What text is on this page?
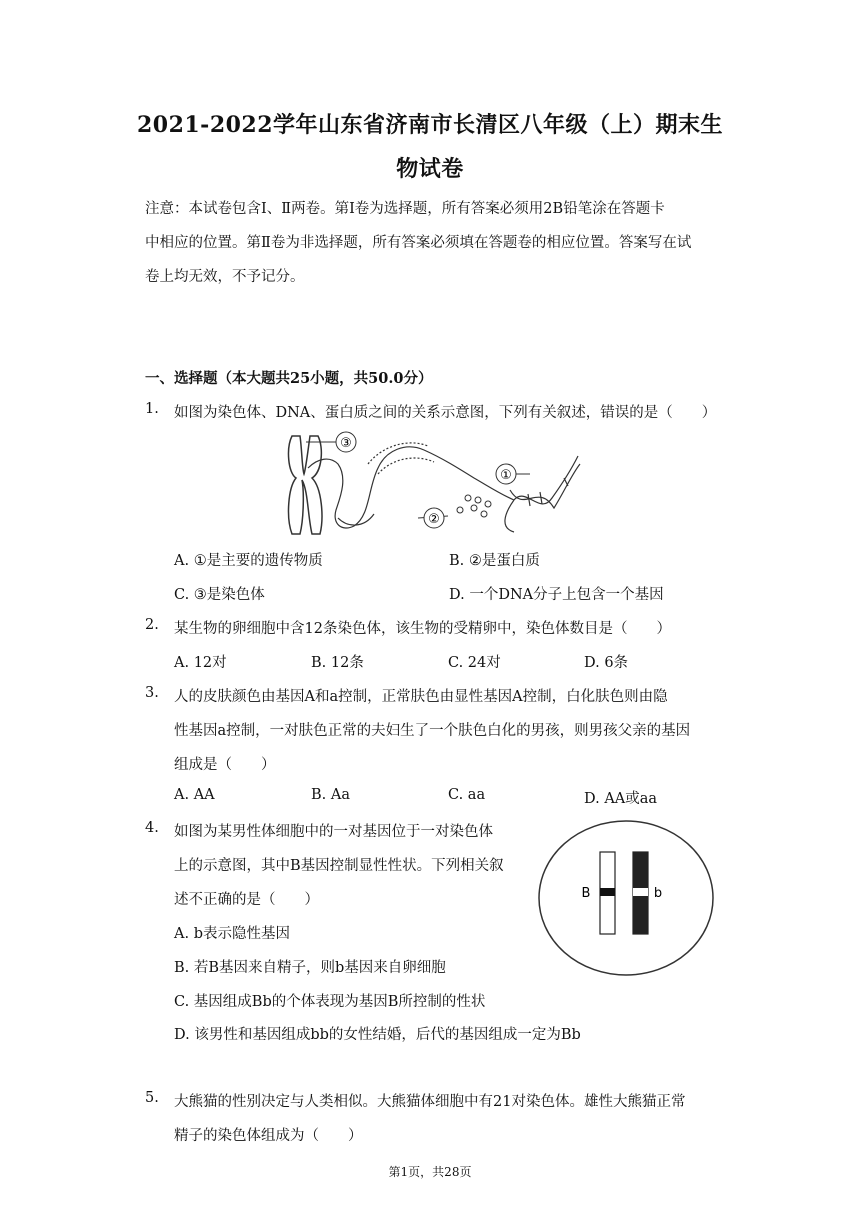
2021-2022学年山东省济南市长清区八年级（上）期末生
物试卷
注意：本试卷包含Ⅰ、Ⅱ两卷。第Ⅰ卷为选择题，所有答案必须用2B铅笔涂在答题卡
中相应的位置。第Ⅱ卷为非选择题，所有答案必须填在答题卷的相应位置。答案写在试
卷上均无效，不予记分。
一、选择题（本大题共25小题，共50.0分）
1. 如图为染色体、DNA、蛋白质之间的关系示意图，下列有关叙述，错误的是（　　）
③
②
①
A. ①是主要的遗传物质	B. ②是蛋白质
C. ③是染色体	D. 一个DNA分子上包含一个基因
2. 某生物的卵细胞中含12条染色体，该生物的受精卵中，染色体数目是（　　）
A. 12对	B. 12条	C. 24对	D. 6条
3. 人的皮肤颜色由基因A和a控制，正常肤色由显性基因A控制，白化肤色则由隐
性基因a控制，一对肤色正常的夫妇生了一个肤色白化的男孩，则男孩父亲的基因
组成是（　　）
A. AA	B. Aa	C. aa	D. AA或aa
4. 如图为某男性体细胞中的一对基因位于一对染色体
上的示意图，其中B基因控制显性性状。下列相关叙
述不正确的是（　　）	B	b
A. b表示隐性基因
B. 若B基因来自精子，则b基因来自卵细胞
C. 基因组成Bb的个体表现为基因B所控制的性状
D. 该男性和基因组成bb的女性结婚，后代的基因组成一定为Bb
5. 大熊猫的性别决定与人类相似。大熊猫体细胞中有21对染色体。雄性大熊猫正常
精子的染色体组成为（　　）
第1页，共28页
